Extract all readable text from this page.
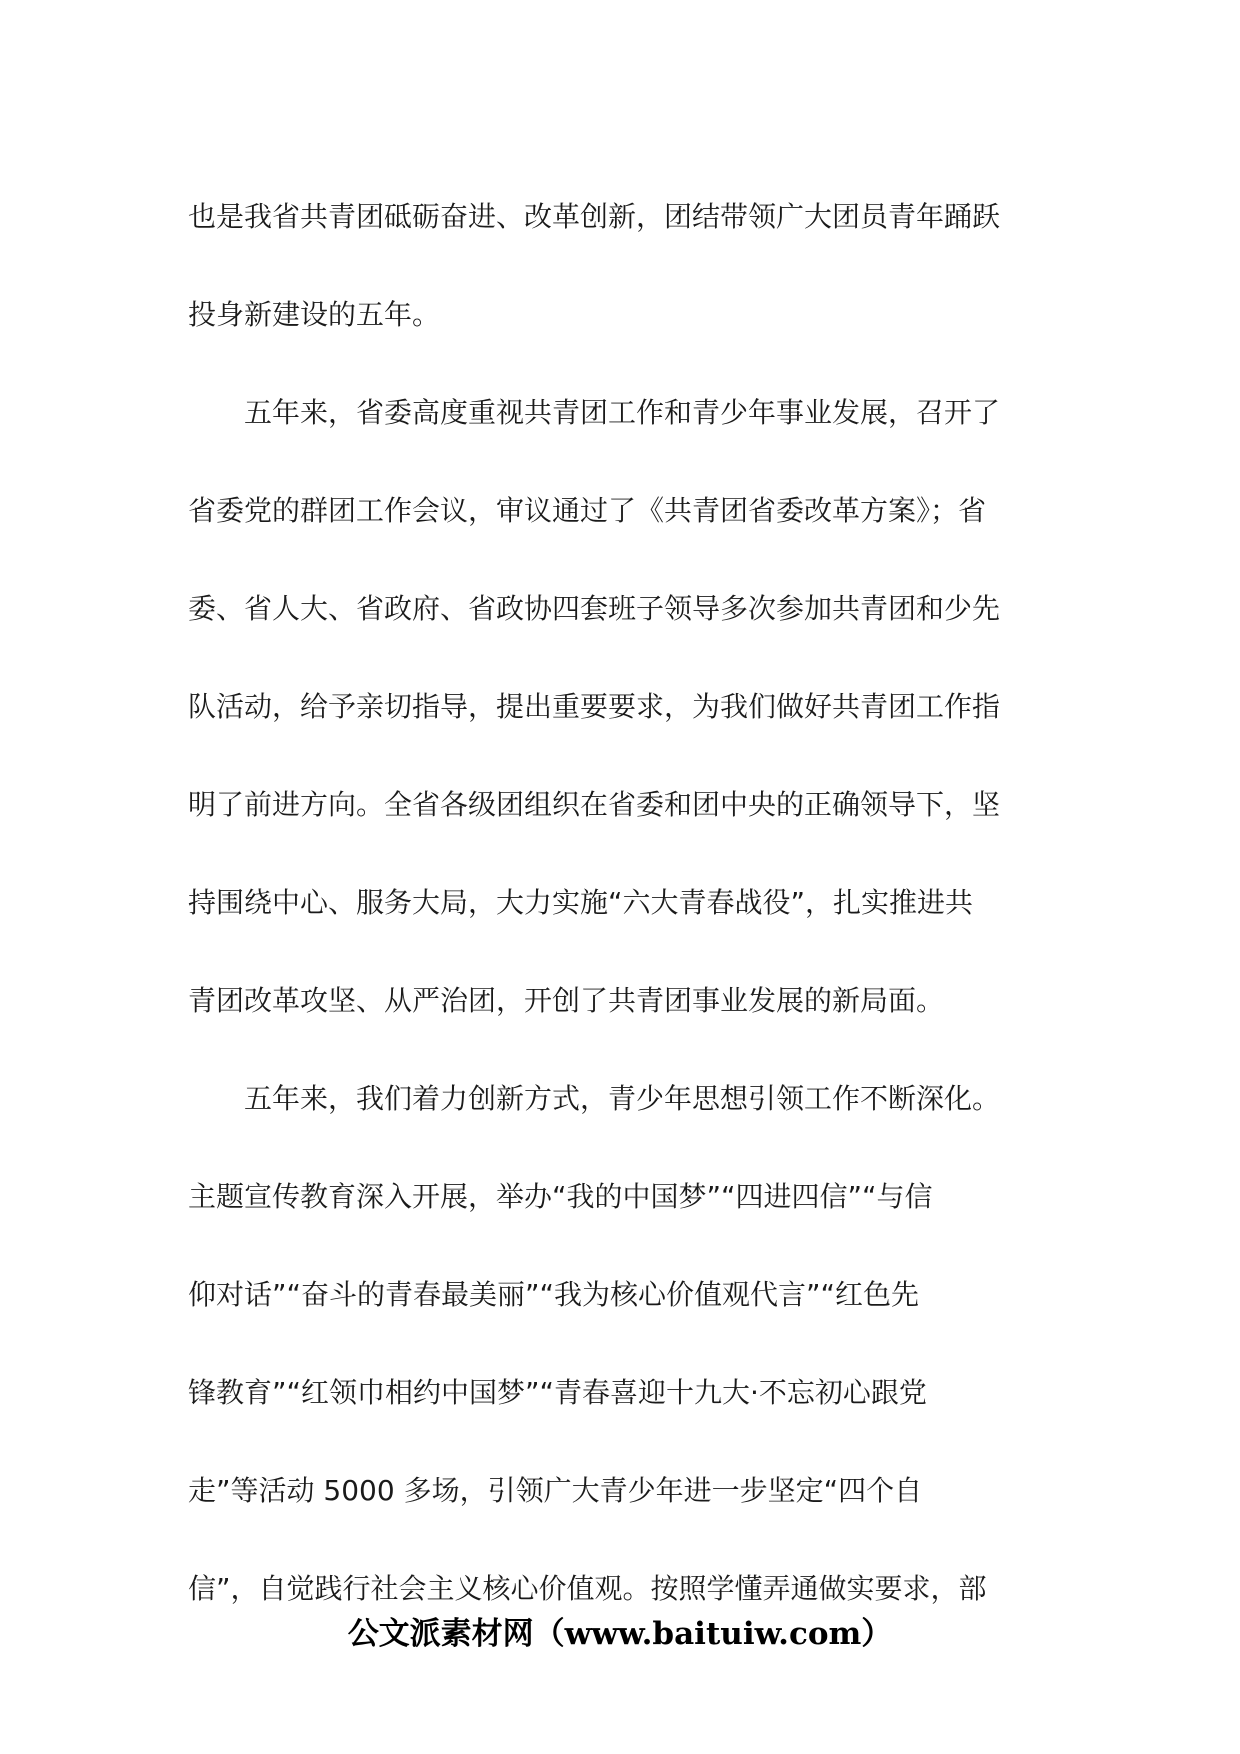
也是我省共青团砥砺奋进、改革创新，团结带领广大团员青年踊跃

投身新建设的五年。

　　五年来，省委高度重视共青团工作和青少年事业发展，召开了

省委党的群团工作会议，审议通过了《共青团省委改革方案》；省

委、省人大、省政府、省政协四套班子领导多次参加共青团和少先

队活动，给予亲切指导，提出重要要求，为我们做好共青团工作指

明了前进方向。全省各级团组织在省委和团中央的正确领导下，坚

持围绕中心、服务大局，大力实施“六大青春战役”，扎实推进共

青团改革攻坚、从严治团，开创了共青团事业发展的新局面。

　　五年来，我们着力创新方式，青少年思想引领工作不断深化。

主题宣传教育深入开展，举办“我的中国梦”“四进四信”“与信

仰对话”“奋斗的青春最美丽”“我为核心价值观代言”“红色先

锋教育”“红领巾相约中国梦”“青春喜迎十九大·不忘初心跟党

走”等活动 5000 多场，引领广大青少年进一步坚定“四个自

信”，自觉践行社会主义核心价值观。按照学懂弄通做实要求，部

公文派素材网（www.baituiw.com）
